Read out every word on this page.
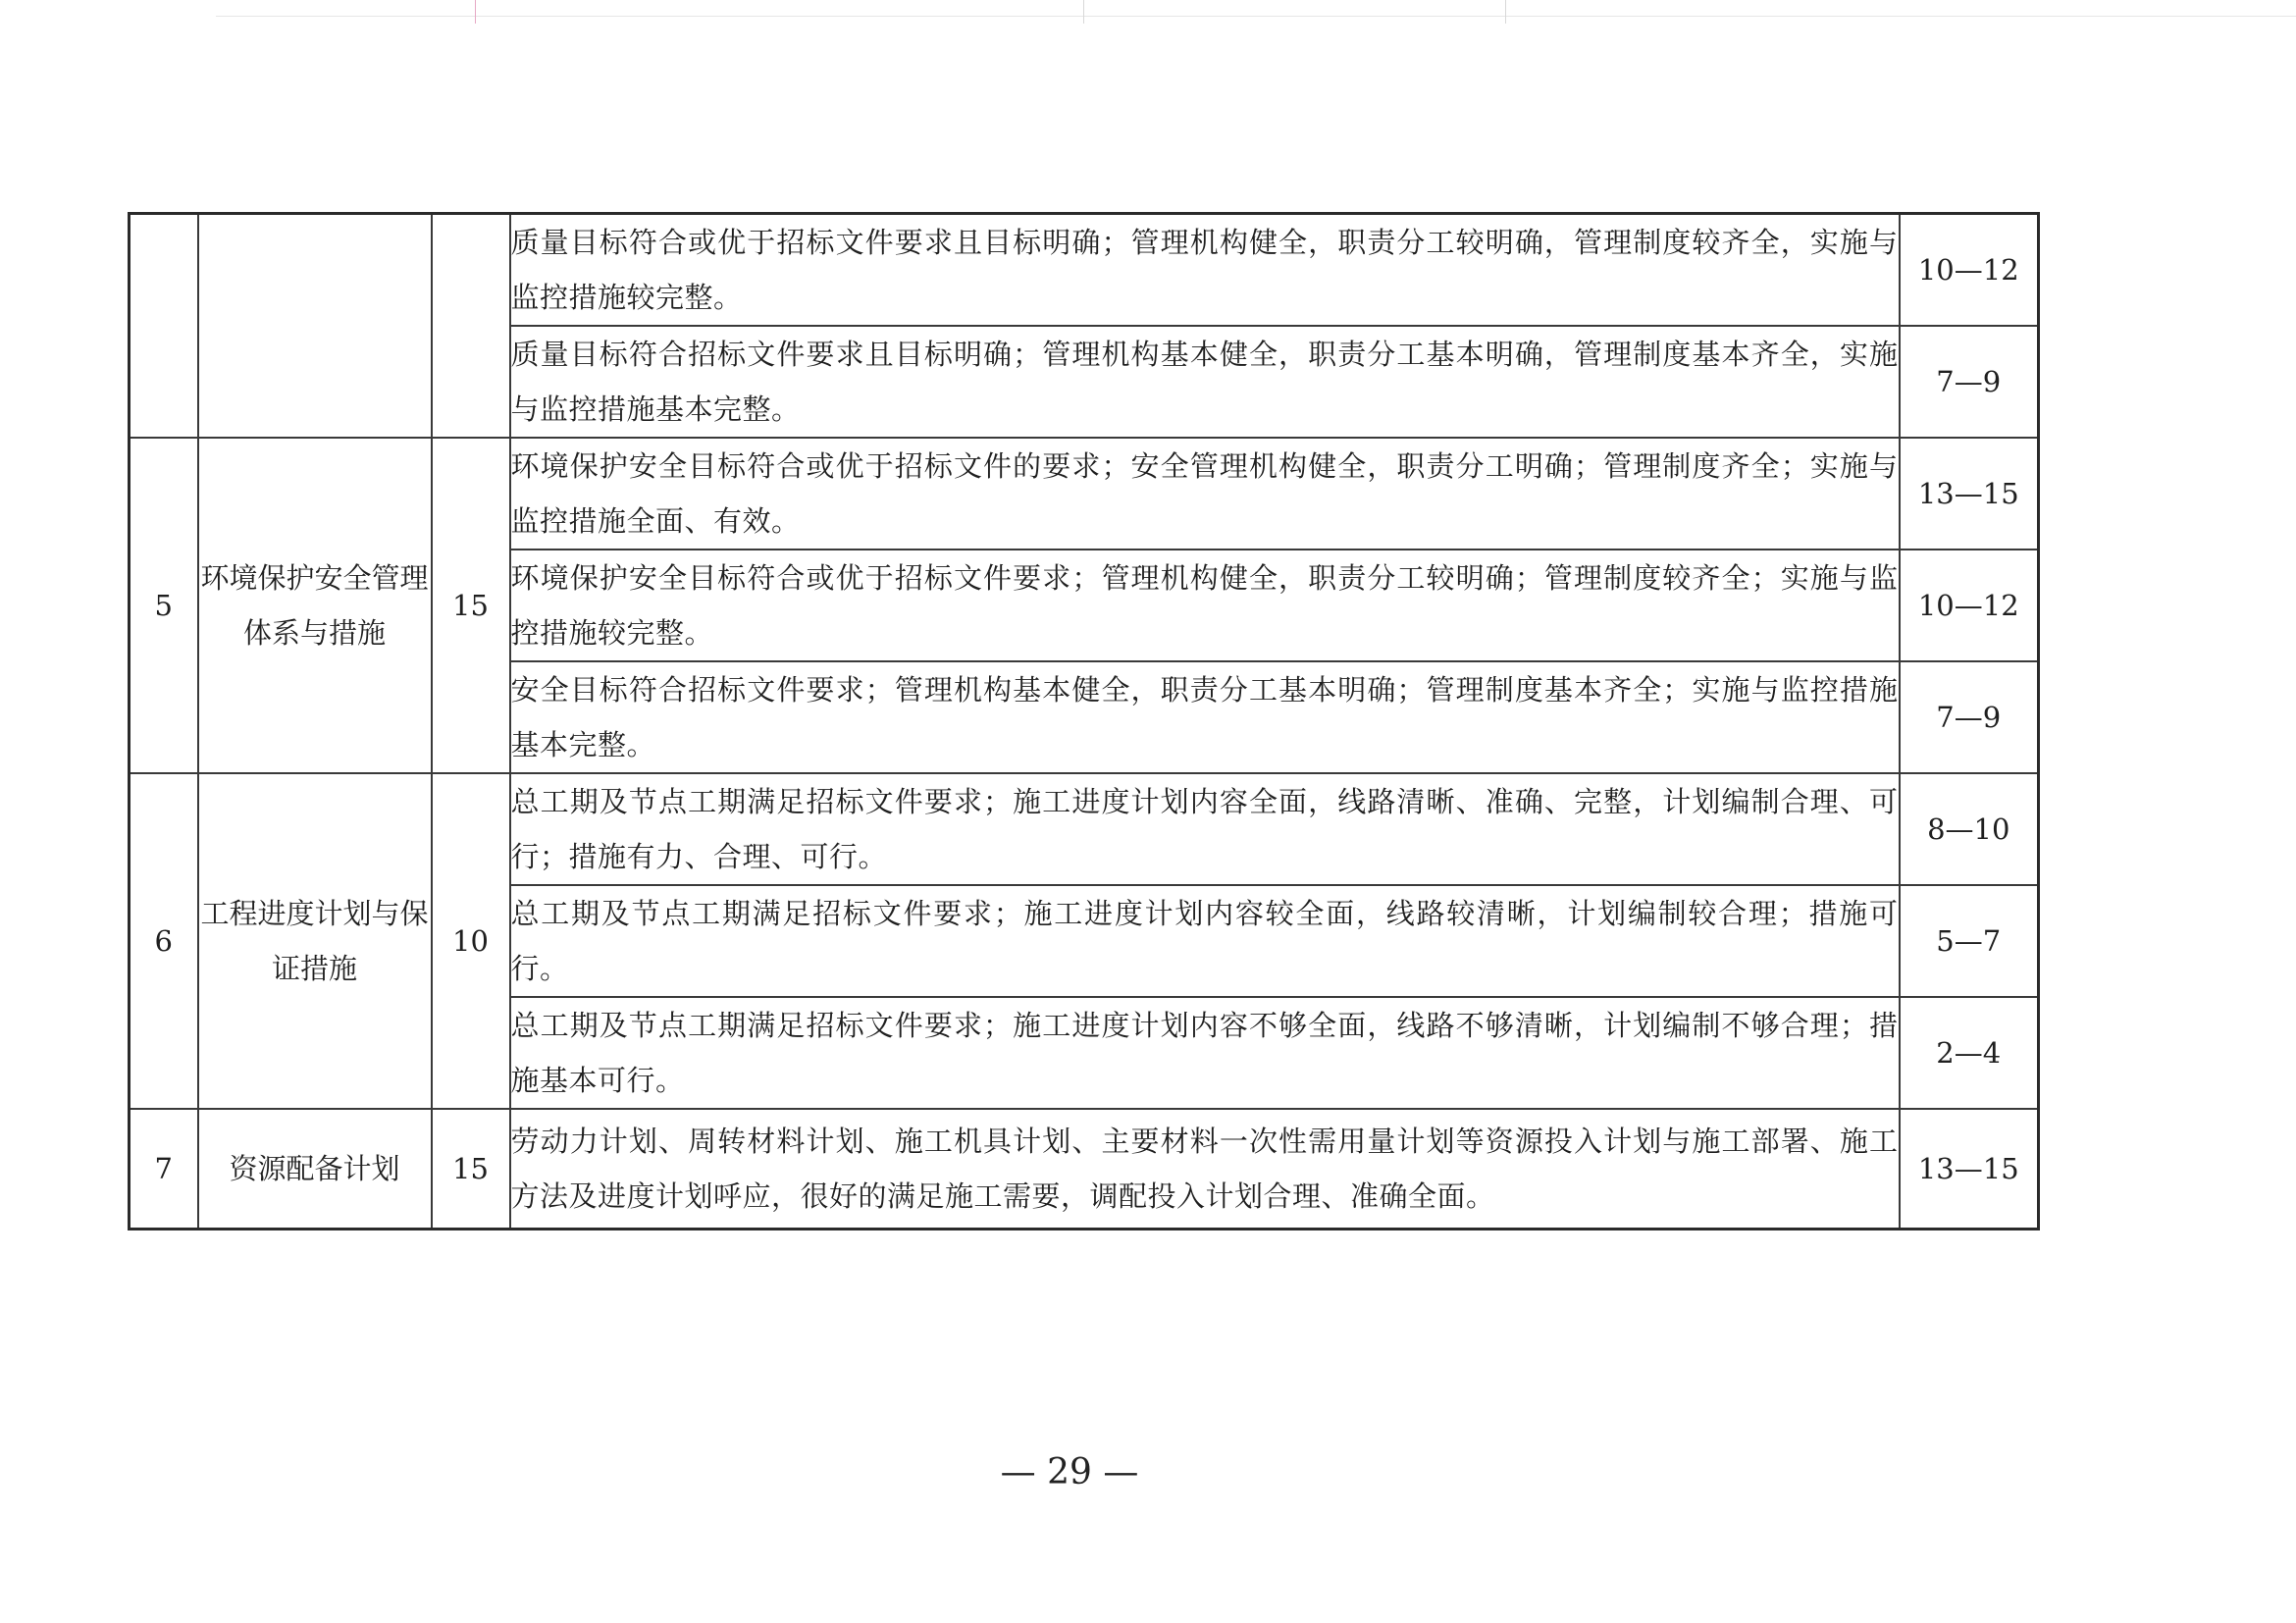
			质量目标符合或优于招标文件要求且目标明确；管理机构健全，职责分工较明确，管理制度较齐全，实施与监控措施较完整。	10—12
			质量目标符合招标文件要求且目标明确；管理机构基本健全，职责分工基本明确，管理制度基本齐全，实施与监控措施基本完整。	7—9
5	环境保护安全管理体系与措施	15	环境保护安全目标符合或优于招标文件的要求；安全管理机构健全，职责分工明确；管理制度齐全；实施与监控措施全面、有效。	13—15
			环境保护安全目标符合或优于招标文件要求；管理机构健全，职责分工较明确；管理制度较齐全；实施与监控措施较完整。	10—12
			安全目标符合招标文件要求；管理机构基本健全，职责分工基本明确；管理制度基本齐全；实施与监控措施基本完整。	7—9
6	工程进度计划与保证措施	10	总工期及节点工期满足招标文件要求；施工进度计划内容全面，线路清晰、准确、完整，计划编制合理、可行；措施有力、合理、可行。	8—10
			总工期及节点工期满足招标文件要求；施工进度计划内容较全面，线路较清晰，计划编制较合理；措施可行。	5—7
			总工期及节点工期满足招标文件要求；施工进度计划内容不够全面，线路不够清晰，计划编制不够合理；措施基本可行。	2—4
7	资源配备计划	15	劳动力计划、周转材料计划、施工机具计划、主要材料一次性需用量计划等资源投入计划与施工部署、施工方法及进度计划呼应，很好的满足施工需要，调配投入计划合理、准确全面。	13—15
— 29 —
